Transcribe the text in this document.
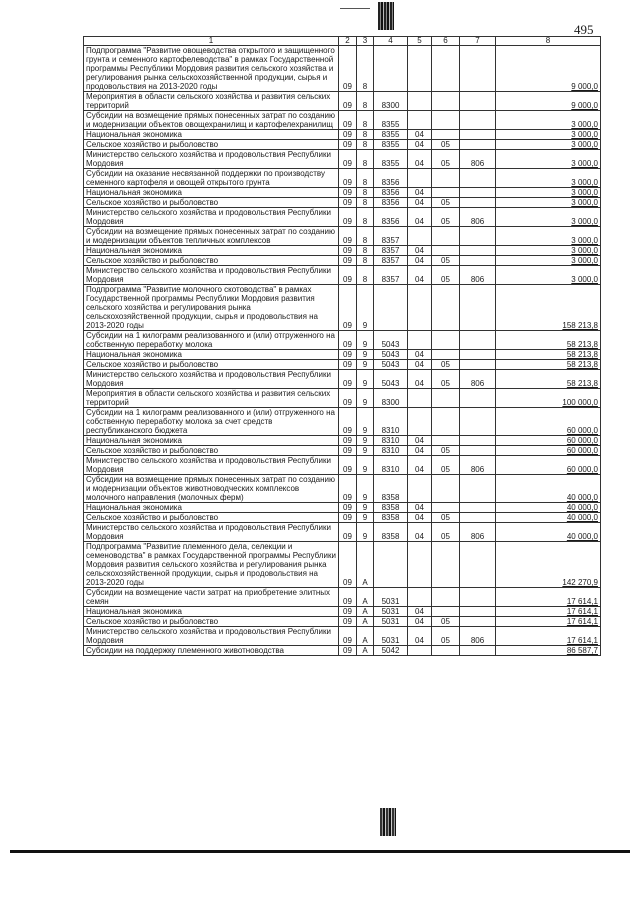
495
1	2	3	4	5	6	7	8
Подпрограмма "Развитие овощеводства открытого и защищенного грунта и семенного картофелеводства" в рамках Государственной программы Республики Мордовия развития сельского хозяйства и регулирования рынка сельскохозяйственной продукции, сырья и продовольствия на 2013-2020 годы	09	8					9 000,0
Мероприятия в области сельского хозяйства и развития сельских территорий	09	8	8300				9 000,0
Субсидии на возмещение прямых понесенных затрат по созданию и модернизации объектов овощехранилищ и картофелехранилищ	09	8	8355				3 000,0
Национальная экономика	09	8	8355	04			3 000,0
Сельское хозяйство и рыболовство	09	8	8355	04	05		3 000,0
Министерство сельского хозяйства и продовольствия Республики Мордовия	09	8	8355	04	05	806	3 000,0
Субсидии на оказание несвязанной поддержки по производству семенного картофеля и овощей открытого грунта	09	8	8356				3 000,0
Национальная экономика	09	8	8356	04			3 000,0
Сельское хозяйство и рыболовство	09	8	8356	04	05		3 000,0
Министерство сельского хозяйства и продовольствия Республики Мордовия	09	8	8356	04	05	806	3 000,0
Субсидии на возмещение прямых понесенных затрат по созданию и модернизации объектов тепличных комплексов	09	8	8357				3 000,0
Национальная экономика	09	8	8357	04			3 000,0
Сельское хозяйство и рыболовство	09	8	8357	04	05		3 000,0
Министерство сельского хозяйства и продовольствия Республики Мордовия	09	8	8357	04	05	806	3 000,0
Подпрограмма "Развитие молочного скотоводства" в рамках Государственной программы Республики Мордовия развития сельского хозяйства и регулирования рынка сельскохозяйственной продукции, сырья и продовольствия на 2013-2020 годы	09	9					158 213,8
Субсидии на 1 килограмм реализованного и (или) отгруженного на собственную переработку молока	09	9	5043				58 213,8
Национальная экономика	09	9	5043	04			58 213,8
Сельское хозяйство и рыболовство	09	9	5043	04	05		58 213,8
Министерство сельского хозяйства и продовольствия Республики Мордовия	09	9	5043	04	05	806	58 213,8
Мероприятия в области сельского хозяйства и развития сельских территорий	09	9	8300				100 000,0
Субсидии на 1 килограмм реализованного и (или) отгруженного на собственную переработку молока за счет средств республиканского бюджета	09	9	8310				60 000,0
Национальная экономика	09	9	8310	04			60 000,0
Сельское хозяйство и рыболовство	09	9	8310	04	05		60 000,0
Министерство сельского хозяйства и продовольствия Республики Мордовия	09	9	8310	04	05	806	60 000,0
Субсидии на возмещение прямых понесенных затрат по созданию и модернизации объектов животноводческих комплексов молочного направления (молочных ферм)	09	9	8358				40 000,0
Национальная экономика	09	9	8358	04			40 000,0
Сельское хозяйство и рыболовство	09	9	8358	04	05		40 000,0
Министерство сельского хозяйства и продовольствия Республики Мордовия	09	9	8358	04	05	806	40 000,0
Подпрограмма "Развитие племенного дела, селекции и семеноводства" в рамках Государственной программы Республики Мордовия развития сельского хозяйства и регулирования рынка сельскохозяйственной продукции, сырья и продовольствия на 2013-2020 годы	09	А					142 270,9
Субсидии на возмещение части затрат на приобретение элитных семян	09	А	5031				17 614,1
Национальная экономика	09	А	5031	04			17 614,1
Сельское хозяйство и рыболовство	09	А	5031	04	05		17 614,1
Министерство сельского хозяйства и продовольствия Республики Мордовия	09	А	5031	04	05	806	17 614,1
Субсидии на поддержку племенного животноводства	09	А	5042				86 587,7
